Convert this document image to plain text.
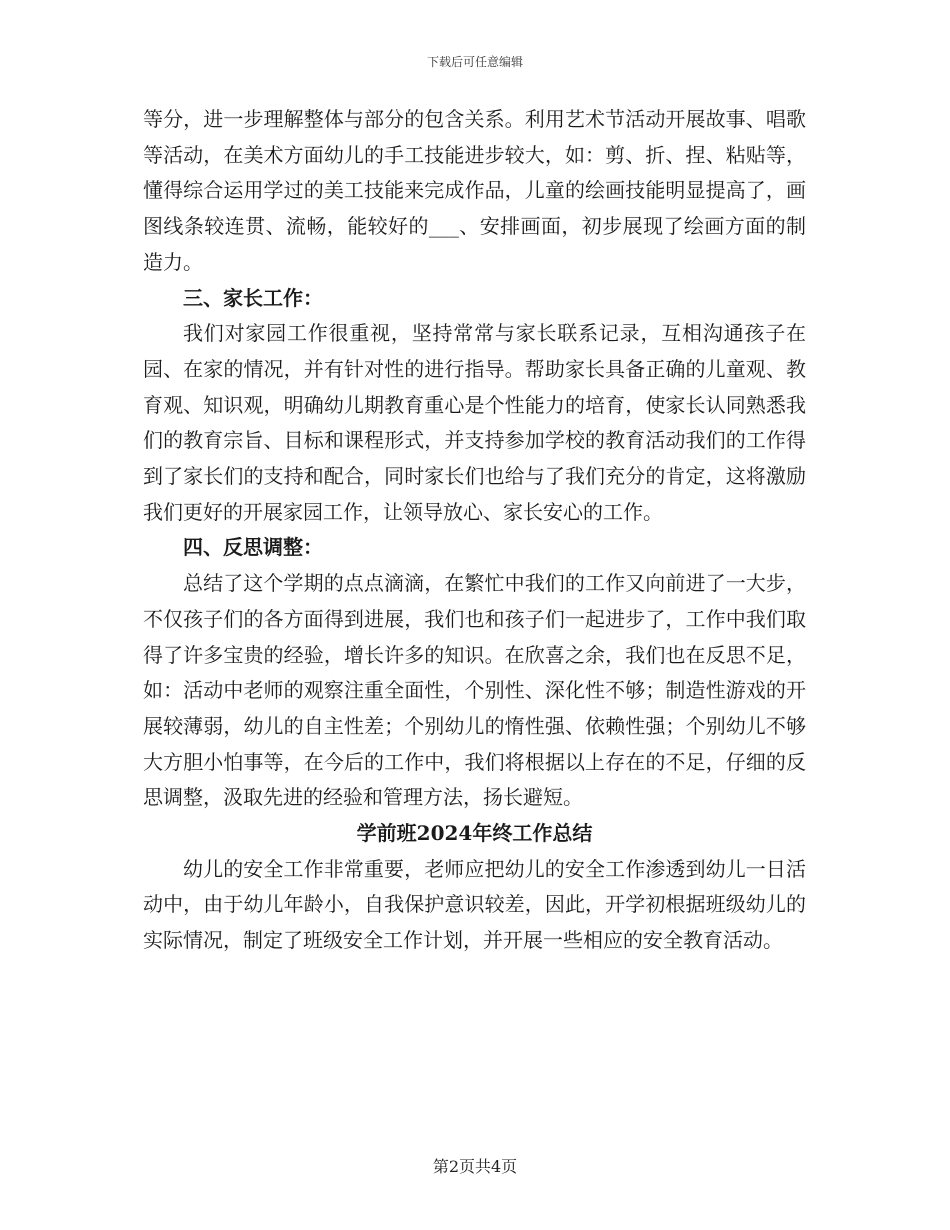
下载后可任意编辑

等分，进一步理解整体与部分的包含关系。利用艺术节活动开展故事、唱歌等活动，在美术方面幼儿的手工技能进步较大，如：剪、折、捏、粘贴等，懂得综合运用学过的美工技能来完成作品，儿童的绘画技能明显提高了，画图线条较连贯、流畅，能较好的___、安排画面，初步展现了绘画方面的制造力。

三、家长工作：

我们对家园工作很重视，坚持常常与家长联系记录，互相沟通孩子在园、在家的情况，并有针对性的进行指导。帮助家长具备正确的儿童观、教育观、知识观，明确幼儿期教育重心是个性能力的培育，使家长认同熟悉我们的教育宗旨、目标和课程形式，并支持参加学校的教育活动我们的工作得到了家长们的支持和配合，同时家长们也给与了我们充分的肯定，这将激励我们更好的开展家园工作，让领导放心、家长安心的工作。

四、反思调整：

总结了这个学期的点点滴滴，在繁忙中我们的工作又向前进了一大步，不仅孩子们的各方面得到进展，我们也和孩子们一起进步了，工作中我们取得了许多宝贵的经验，增长许多的知识。在欣喜之余，我们也在反思不足，如：活动中老师的观察注重全面性，个别性、深化性不够；制造性游戏的开展较薄弱，幼儿的自主性差；个别幼儿的惰性强、依赖性强；个别幼儿不够大方胆小怕事等，在今后的工作中，我们将根据以上存在的不足，仔细的反思调整，汲取先进的经验和管理方法，扬长避短。

学前班2024年终工作总结

幼儿的安全工作非常重要，老师应把幼儿的安全工作渗透到幼儿一日活动中，由于幼儿年龄小，自我保护意识较差，因此，开学初根据班级幼儿的实际情况，制定了班级安全工作计划，并开展一些相应的安全教育活动。

第2页共4页
